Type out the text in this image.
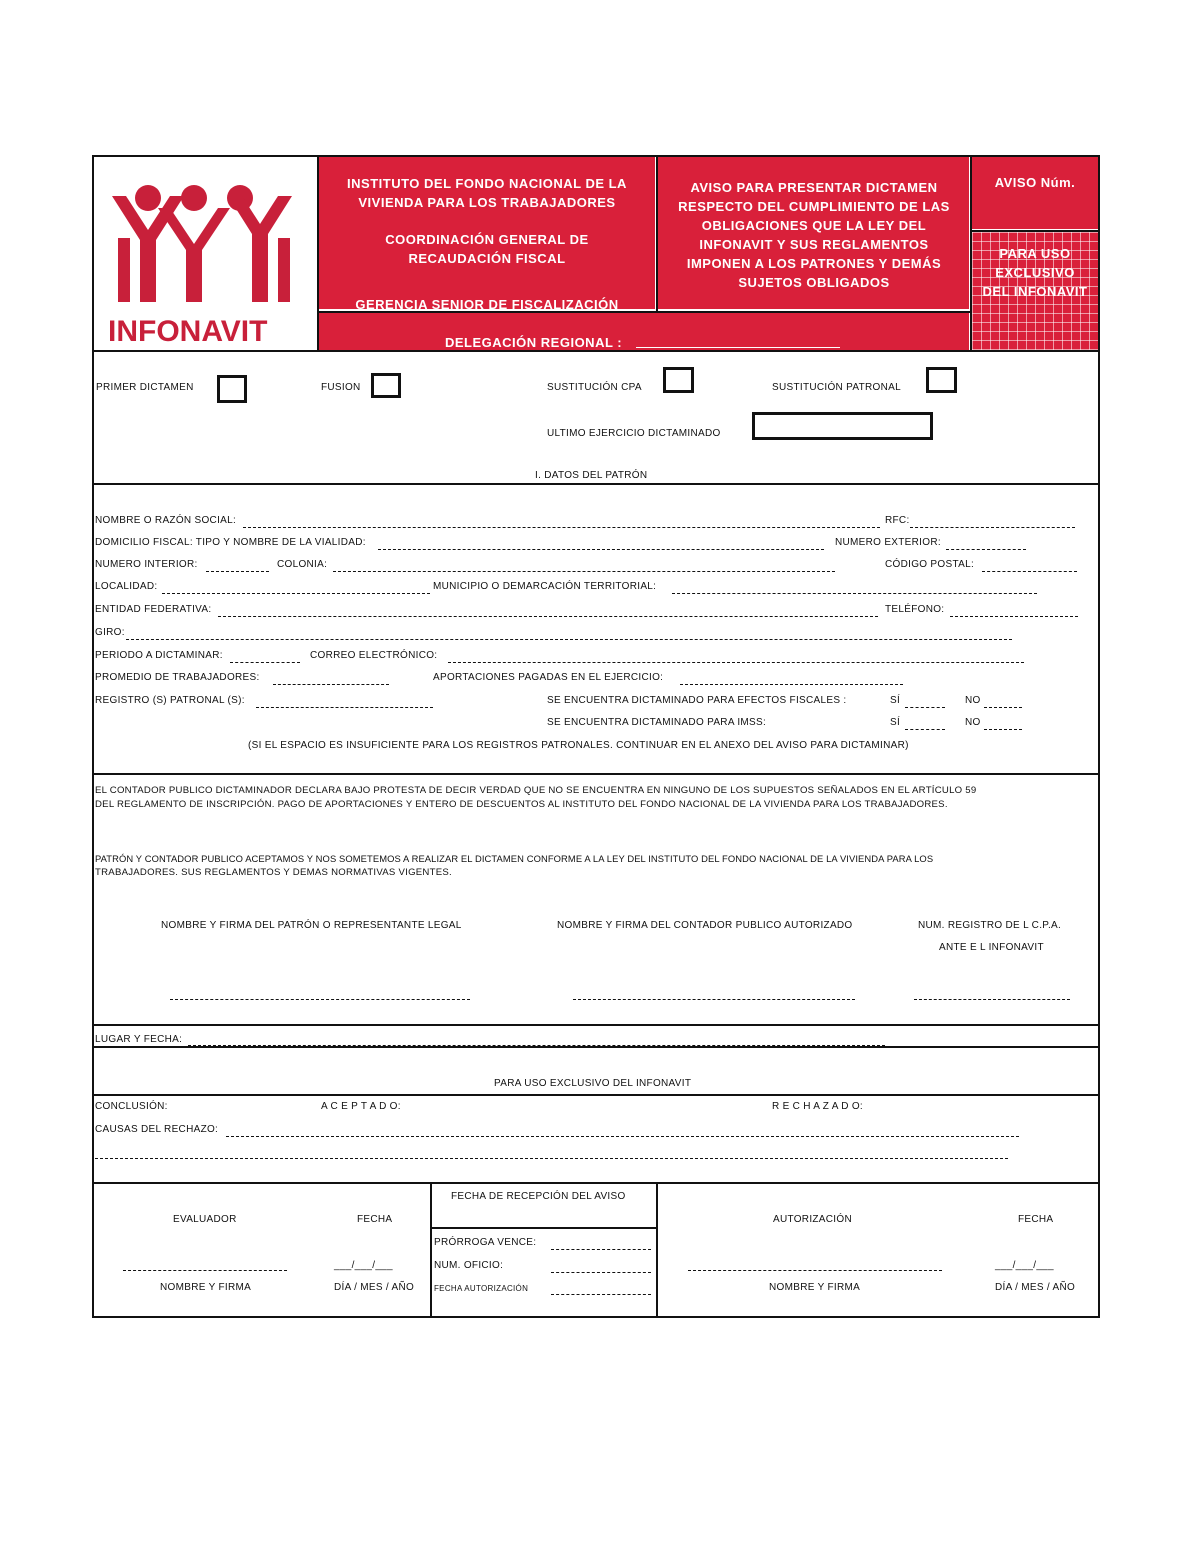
INFONAVIT
INSTITUTO DEL FONDO NACIONAL DE LA
VIVIENDA PARA LOS TRABAJADORES
COORDINACIÓN GENERAL DE
RECAUDACIÓN FISCAL
GERENCIA SENIOR DE FISCALIZACIÓN
DELEGACIÓN REGIONAL :
AVISO PARA PRESENTAR DICTAMEN
RESPECTO DEL CUMPLIMIENTO DE LAS
OBLIGACIONES QUE LA LEY DEL
INFONAVIT Y SUS REGLAMENTOS
IMPONEN A LOS PATRONES Y DEMÁS
SUJETOS OBLIGADOS
AVISO Núm.
PARA USO
EXCLUSIVO
DEL INFONAVIT
PRIMER DICTAMEN	FUSION	SUSTITUCIÓN CPA	SUSTITUCIÓN PATRONAL
ULTIMO EJERCICIO DICTAMINADO
I. DATOS DEL PATRÓN
NOMBRE O RAZÓN SOCIAL:	RFC:
DOMICILIO FISCAL: TIPO Y NOMBRE DE LA VIALIDAD:	NUMERO EXTERIOR:
NUMERO INTERIOR:	COLONIA:	CÓDIGO POSTAL:
LOCALIDAD:	MUNICIPIO O DEMARCACIÓN TERRITORIAL:
ENTIDAD FEDERATIVA:	TELÉFONO:
GIRO:
PERIODO A DICTAMINAR:	CORREO ELECTRÓNICO:
PROMEDIO DE TRABAJADORES:	APORTACIONES PAGADAS EN EL EJERCICIO:
REGISTRO (S) PATRONAL (S):	SE ENCUENTRA DICTAMINADO PARA EFECTOS FISCALES :	SÍ	NO
SE ENCUENTRA DICTAMINADO PARA IMSS:	SÍ	NO
(SI EL ESPACIO ES INSUFICIENTE PARA LOS REGISTROS PATRONALES. CONTINUAR EN EL ANEXO DEL AVISO PARA DICTAMINAR)
EL CONTADOR PUBLICO DICTAMINADOR DECLARA BAJO PROTESTA DE DECIR VERDAD QUE NO SE ENCUENTRA EN NINGUNO DE LOS SUPUESTOS SEÑALADOS EN EL ARTÍCULO 59
DEL REGLAMENTO DE INSCRIPCIÓN. PAGO DE APORTACIONES Y ENTERO DE DESCUENTOS AL INSTITUTO DEL FONDO NACIONAL DE LA VIVIENDA PARA LOS TRABAJADORES.
PATRÓN Y CONTADOR PUBLICO ACEPTAMOS Y NOS SOMETEMOS A REALIZAR EL DICTAMEN CONFORME A LA LEY DEL INSTITUTO DEL FONDO NACIONAL DE LA VIVIENDA PARA LOS
TRABAJADORES. SUS REGLAMENTOS Y DEMAS NORMATIVAS VIGENTES.
NOMBRE Y FIRMA DEL PATRÓN O REPRESENTANTE LEGAL	NOMBRE Y FIRMA DEL CONTADOR PUBLICO AUTORIZADO	NUM. REGISTRO DE L C.P.A.
ANTE E L INFONAVIT
LUGAR Y FECHA:
PARA USO EXCLUSIVO DEL INFONAVIT
CONCLUSIÓN:	A C E P T A D O:	R E C H A Z A D O:
CAUSAS DEL RECHAZO:
EVALUADOR	FECHA
___/___/___
NOMBRE Y FIRMA	DÍA / MES / AÑO
FECHA DE RECEPCIÓN DEL AVISO
PRÓRROGA VENCE:
NUM. OFICIO:
FECHA AUTORIZACIÓN
AUTORIZACIÓN	FECHA
___/___/___
NOMBRE Y FIRMA	DÍA / MES / AÑO
